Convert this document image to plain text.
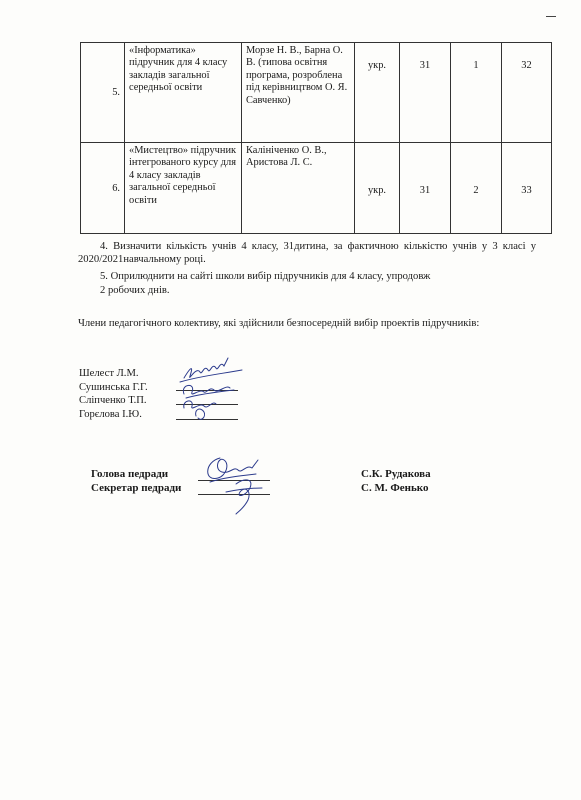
5.	«Інформатика» підручник для 4 класу закладів загальної середньої освіти	Морзе Н. В., Барна О. В. (типова освітня програма, розроблена під керівництвом О. Я. Савченко)	укр.	31	1	32
6.	«Мистецтво» підручник інтегрованого курсу для 4 класу закладів загальної середньої освіти	Калініченко О. В., Аристова Л. С.	укр.	31	2	33
4. Визначити кількість учнів 4 класу, 31дитина, за фактичною кількістю учнів у 3 класі у 2020/2021навчальному році.
5. Оприлюднити на сайті школи вибір підручників для 4 класу, упродовж
2 робочих днів.
Члени педагогічного колективу, які здійснили безпосередній вибір проектів підручників:
Шелест Л.М.
Сушинська Г.Г.
Сліпченко Т.П.
Горєлова І.Ю.
Голова педради
Секретар педради
С.К. Рудакова
С. М. Фенько
